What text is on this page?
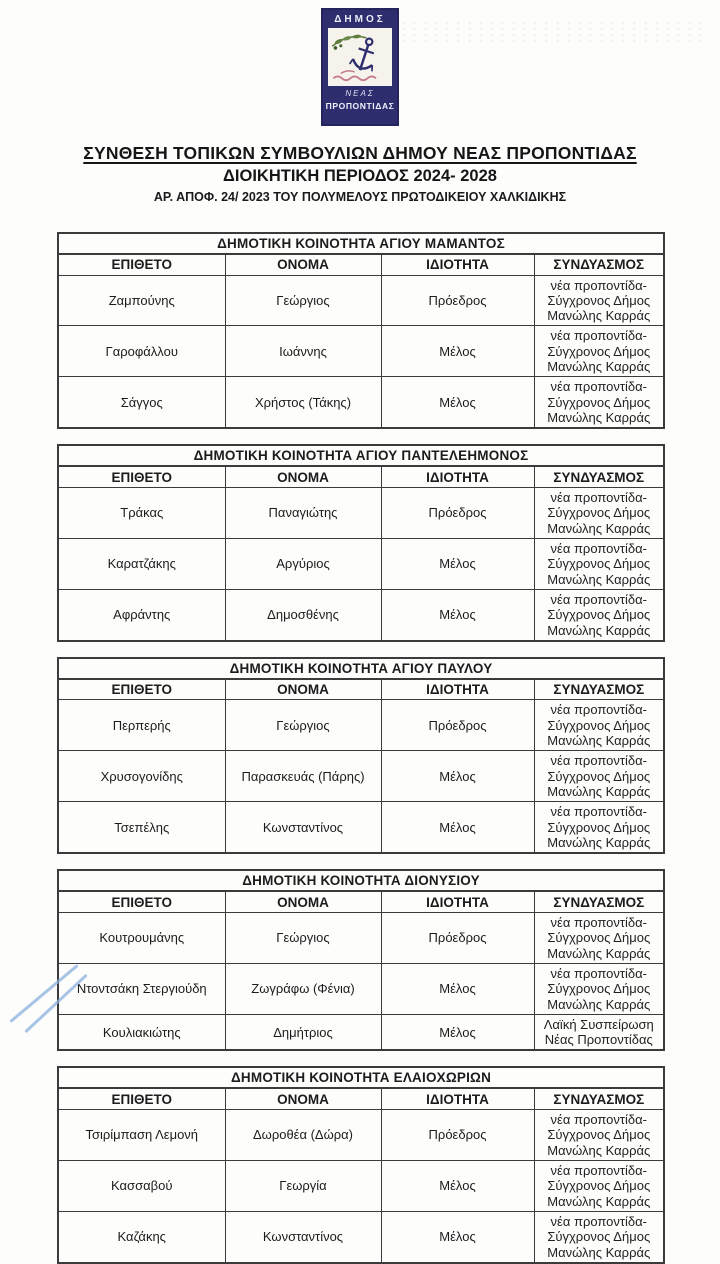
ΔΗΜΟΣ
ΝΕΑΣ
ΠΡΟΠΟΝΤΙΔΑΣ
ΣΥΝΘΕΣΗ ΤΟΠΙΚΩΝ ΣΥΜΒΟΥΛΙΩΝ ΔΗΜΟΥ ΝΕΑΣ ΠΡΟΠΟΝΤΙΔΑΣ
ΔΙΟΙΚΗΤΙΚΗ ΠΕΡΙΟΔΟΣ 2024- 2028
ΑΡ. ΑΠΟΦ. 24/ 2023 ΤΟΥ ΠΟΛΥΜΕΛΟΥΣ ΠΡΩΤΟΔΙΚΕΙΟΥ ΧΑΛΚΙΔΙΚΗΣ
ΔΗΜΟΤΙΚΗ ΚΟΙΝΟΤΗΤΑ ΑΓΙΟΥ ΜΑΜΑΝΤΟΣ			
ΕΠΙΘΕΤΟ	ΟΝΟΜΑ	ΙΔΙΟΤΗΤΑ	ΣΥΝΔΥΑΣΜΟΣ
Ζαμπούνης	Γεώργιος	Πρόεδρος	νέα προποντίδα- Σύγχρονος Δήμος Μανώλης Καρράς
Γαροφάλλου	Ιωάννης	Μέλος	νέα προποντίδα- Σύγχρονος Δήμος Μανώλης Καρράς
Σάγγος	Χρήστος (Τάκης)	Μέλος	νέα προποντίδα- Σύγχρονος Δήμος Μανώλης Καρράς
ΔΗΜΟΤΙΚΗ ΚΟΙΝΟΤΗΤΑ ΑΓΙΟΥ ΠΑΝΤΕΛΕΗΜΟΝΟΣ			
ΕΠΙΘΕΤΟ	ΟΝΟΜΑ	ΙΔΙΟΤΗΤΑ	ΣΥΝΔΥΑΣΜΟΣ
Τράκας	Παναγιώτης	Πρόεδρος	νέα προποντίδα- Σύγχρονος Δήμος Μανώλης Καρράς
Καρατζάκης	Αργύριος	Μέλος	νέα προποντίδα- Σύγχρονος Δήμος Μανώλης Καρράς
Αφράντης	Δημοσθένης	Μέλος	νέα προποντίδα- Σύγχρονος Δήμος Μανώλης Καρράς
ΔΗΜΟΤΙΚΗ ΚΟΙΝΟΤΗΤΑ ΑΓΙΟΥ ΠΑΥΛΟΥ			
ΕΠΙΘΕΤΟ	ΟΝΟΜΑ	ΙΔΙΟΤΗΤΑ	ΣΥΝΔΥΑΣΜΟΣ
Περπερής	Γεώργιος	Πρόεδρος	νέα προποντίδα- Σύγχρονος Δήμος Μανώλης Καρράς
Χρυσογονίδης	Παρασκευάς (Πάρης)	Μέλος	νέα προποντίδα- Σύγχρονος Δήμος Μανώλης Καρράς
Τσεπέλης	Κωνσταντίνος	Μέλος	νέα προποντίδα- Σύγχρονος Δήμος Μανώλης Καρράς
ΔΗΜΟΤΙΚΗ ΚΟΙΝΟΤΗΤΑ ΔΙΟΝΥΣΙΟΥ			
ΕΠΙΘΕΤΟ	ΟΝΟΜΑ	ΙΔΙΟΤΗΤΑ	ΣΥΝΔΥΑΣΜΟΣ
Κουτρουμάνης	Γεώργιος	Πρόεδρος	νέα προποντίδα- Σύγχρονος Δήμος Μανώλης Καρράς
Ντοντσάκη Στεργιούδη	Ζωγράφω (Φένια)	Μέλος	νέα προποντίδα- Σύγχρονος Δήμος Μανώλης Καρράς
Κουλιακιώτης	Δημήτριος	Μέλος	Λαϊκή Συσπείρωση Νέας Προποντίδας
ΔΗΜΟΤΙΚΗ ΚΟΙΝΟΤΗΤΑ ΕΛΑΙΟΧΩΡΙΩΝ			
ΕΠΙΘΕΤΟ	ΟΝΟΜΑ	ΙΔΙΟΤΗΤΑ	ΣΥΝΔΥΑΣΜΟΣ
Τσιρίμπαση Λεμονή	Δωροθέα (Δώρα)	Πρόεδρος	νέα προποντίδα- Σύγχρονος Δήμος Μανώλης Καρράς
Κασσαβού	Γεωργία	Μέλος	νέα προποντίδα- Σύγχρονος Δήμος Μανώλης Καρράς
Καζάκης	Κωνσταντίνος	Μέλος	νέα προποντίδα- Σύγχρονος Δήμος Μανώλης Καρράς
